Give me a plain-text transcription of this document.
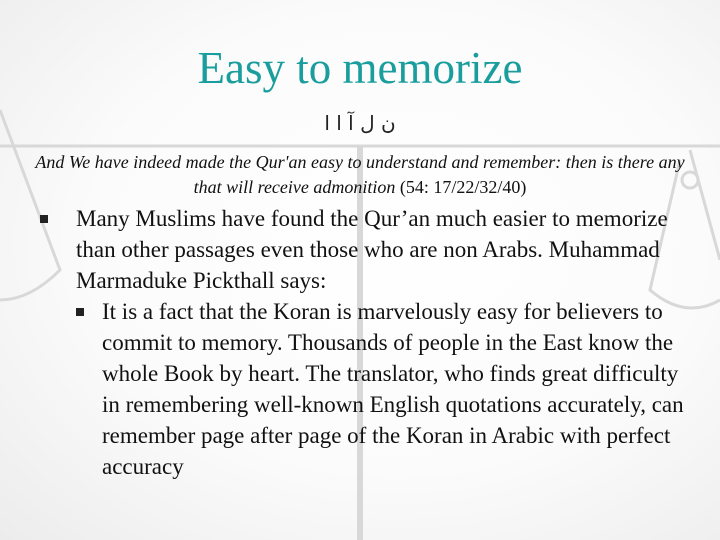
Easy to memorize
ن ل آ ا ا
And We have indeed made the Qur'an easy to understand and remember: then is there any that will receive admonition (54: 17/22/32/40)
Many Muslims have found the Qur’an much easier to memorize than other passages even those who are non Arabs. Muhammad Marmaduke Pickthall says:
It is a fact that the Koran is marvelously easy for believers to commit to memory. Thousands of people in the East know the whole Book by heart. The translator, who finds great difficulty in remembering well-known English quotations accurately, can remember page after page of the Koran in Arabic with perfect accuracy
